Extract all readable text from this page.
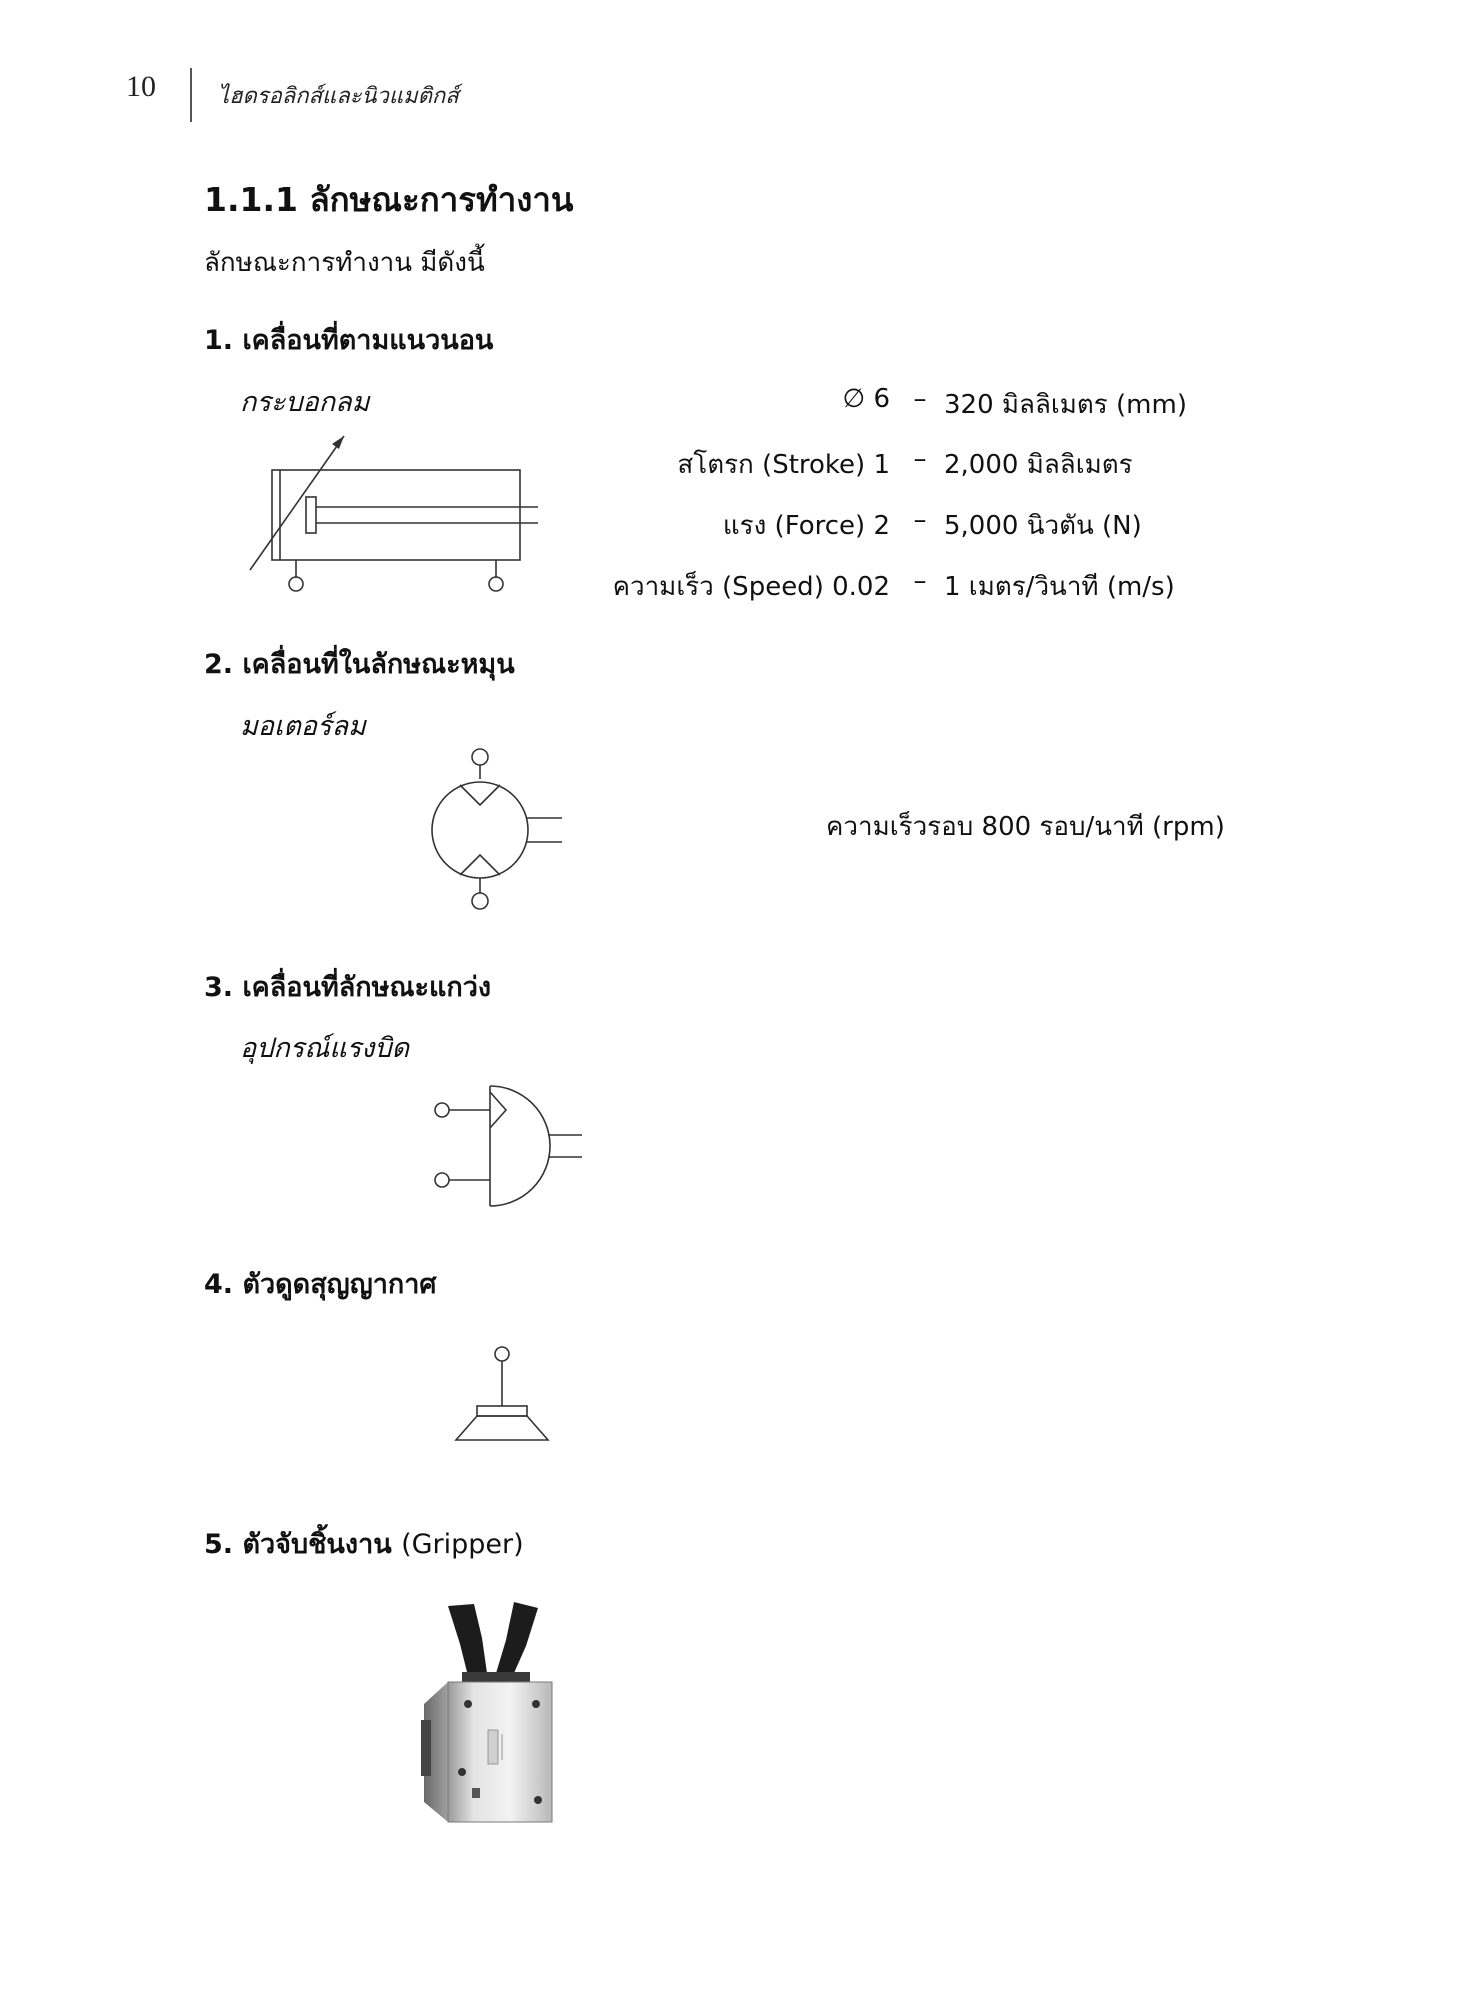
10	ไฮดรอลิกส์และนิวแมติกส์
1.1.1 ลักษณะการทำงาน
ลักษณะการทำงาน มีดังนี้
1. เคลื่อนที่ตามแนวนอน
กระบอกลม	∅ 6 – 320 มิลลิเมตร (mm)
สโตรก (Stroke) 1 – 2,000 มิลลิเมตร
แรง (Force) 2 – 5,000 นิวตัน (N)
ความเร็ว (Speed) 0.02 – 1 เมตร/วินาที (m/s)
2. เคลื่อนที่ในลักษณะหมุน
มอเตอร์ลม
ความเร็วรอบ 800 รอบ/นาที (rpm)
3. เคลื่อนที่ลักษณะแกว่ง
อุปกรณ์แรงบิด
4. ตัวดูดสุญญากาศ
5. ตัวจับชิ้นงาน (Gripper)
